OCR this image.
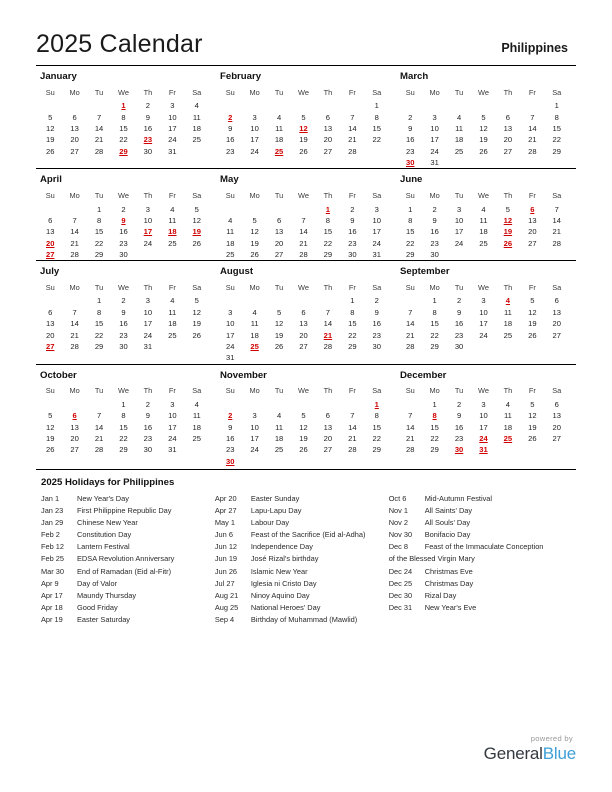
2025 Calendar	Philippines
January
Su	Mo	Tu	We	Th	Fr	Sa
			1	2	3	4
5	6	7	8	9	10	11
12	13	14	15	16	17	18
19	20	21	22	23	24	25
26	27	28	29	30	31	
February
Su	Mo	Tu	We	Th	Fr	Sa
						1
2	3	4	5	6	7	8
9	10	11	12	13	14	15
16	17	18	19	20	21	22
23	24	25	26	27	28	
March
Su	Mo	Tu	We	Th	Fr	Sa
						1
2	3	4	5	6	7	8
9	10	11	12	13	14	15
16	17	18	19	20	21	22
23	24	25	26	27	28	29
30	31					
April
Su	Mo	Tu	We	Th	Fr	Sa
		1	2	3	4	5
6	7	8	9	10	11	12
13	14	15	16	17	18	19
20	21	22	23	24	25	26
27	28	29	30			
May
Su	Mo	Tu	We	Th	Fr	Sa
				1	2	3
4	5	6	7	8	9	10
11	12	13	14	15	16	17
18	19	20	21	22	23	24
25	26	27	28	29	30	31
June
Su	Mo	Tu	We	Th	Fr	Sa
1	2	3	4	5	6	7
8	9	10	11	12	13	14
15	16	17	18	19	20	21
22	23	24	25	26	27	28
29	30					
July
Su	Mo	Tu	We	Th	Fr	Sa
		1	2	3	4	5
6	7	8	9	10	11	12
13	14	15	16	17	18	19
20	21	22	23	24	25	26
27	28	29	30	31		
August
Su	Mo	Tu	We	Th	Fr	Sa
					1	2
3	4	5	6	7	8	9
10	11	12	13	14	15	16
17	18	19	20	21	22	23
24	25	26	27	28	29	30
31						
September
Su	Mo	Tu	We	Th	Fr	Sa
	1	2	3	4	5	6
7	8	9	10	11	12	13
14	15	16	17	18	19	20
21	22	23	24	25	26	27
28	29	30				
October
Su	Mo	Tu	We	Th	Fr	Sa
			1	2	3	4
5	6	7	8	9	10	11
12	13	14	15	16	17	18
19	20	21	22	23	24	25
26	27	28	29	30	31	
November
Su	Mo	Tu	We	Th	Fr	Sa
						1
2	3	4	5	6	7	8
9	10	11	12	13	14	15
16	17	18	19	20	21	22
23	24	25	26	27	28	29
30						
December
Su	Mo	Tu	We	Th	Fr	Sa
	1	2	3	4	5	6
7	8	9	10	11	12	13
14	15	16	17	18	19	20
21	22	23	24	25	26	27
28	29	30	31			
2025 Holidays for Philippines
Jan 1	New Year's Day
Jan 23	First Philippine Republic Day
Jan 29	Chinese New Year
Feb 2	Constitution Day
Feb 12	Lantern Festival
Feb 25	EDSA Revolution Anniversary
Mar 30	End of Ramadan (Eid al-Fitr)
Apr 9	Day of Valor
Apr 17	Maundy Thursday
Apr 18	Good Friday
Apr 19	Easter Saturday
Apr 20	Easter Sunday
Apr 27	Lapu-Lapu Day
May 1	Labour Day
Jun 6	Feast of the Sacrifice (Eid al-Adha)
Jun 12	Independence Day
Jun 19	José Rizal's birthday
Jun 26	Islamic New Year
Jul 27	Iglesia ni Cristo Day
Aug 21	Ninoy Aquino Day
Aug 25	National Heroes' Day
Sep 4	Birthday of Muhammad (Mawlid)
Oct 6	Mid-Autumn Festival
Nov 1	All Saints' Day
Nov 2	All Souls' Day
Nov 30	Bonifacio Day
Dec 8	Feast of the Immaculate Conception
of the Blessed Virgin Mary
Dec 24	Christmas Eve
Dec 25	Christmas Day
Dec 30	Rizal Day
Dec 31	New Year's Eve
powered by
GeneralBlue
